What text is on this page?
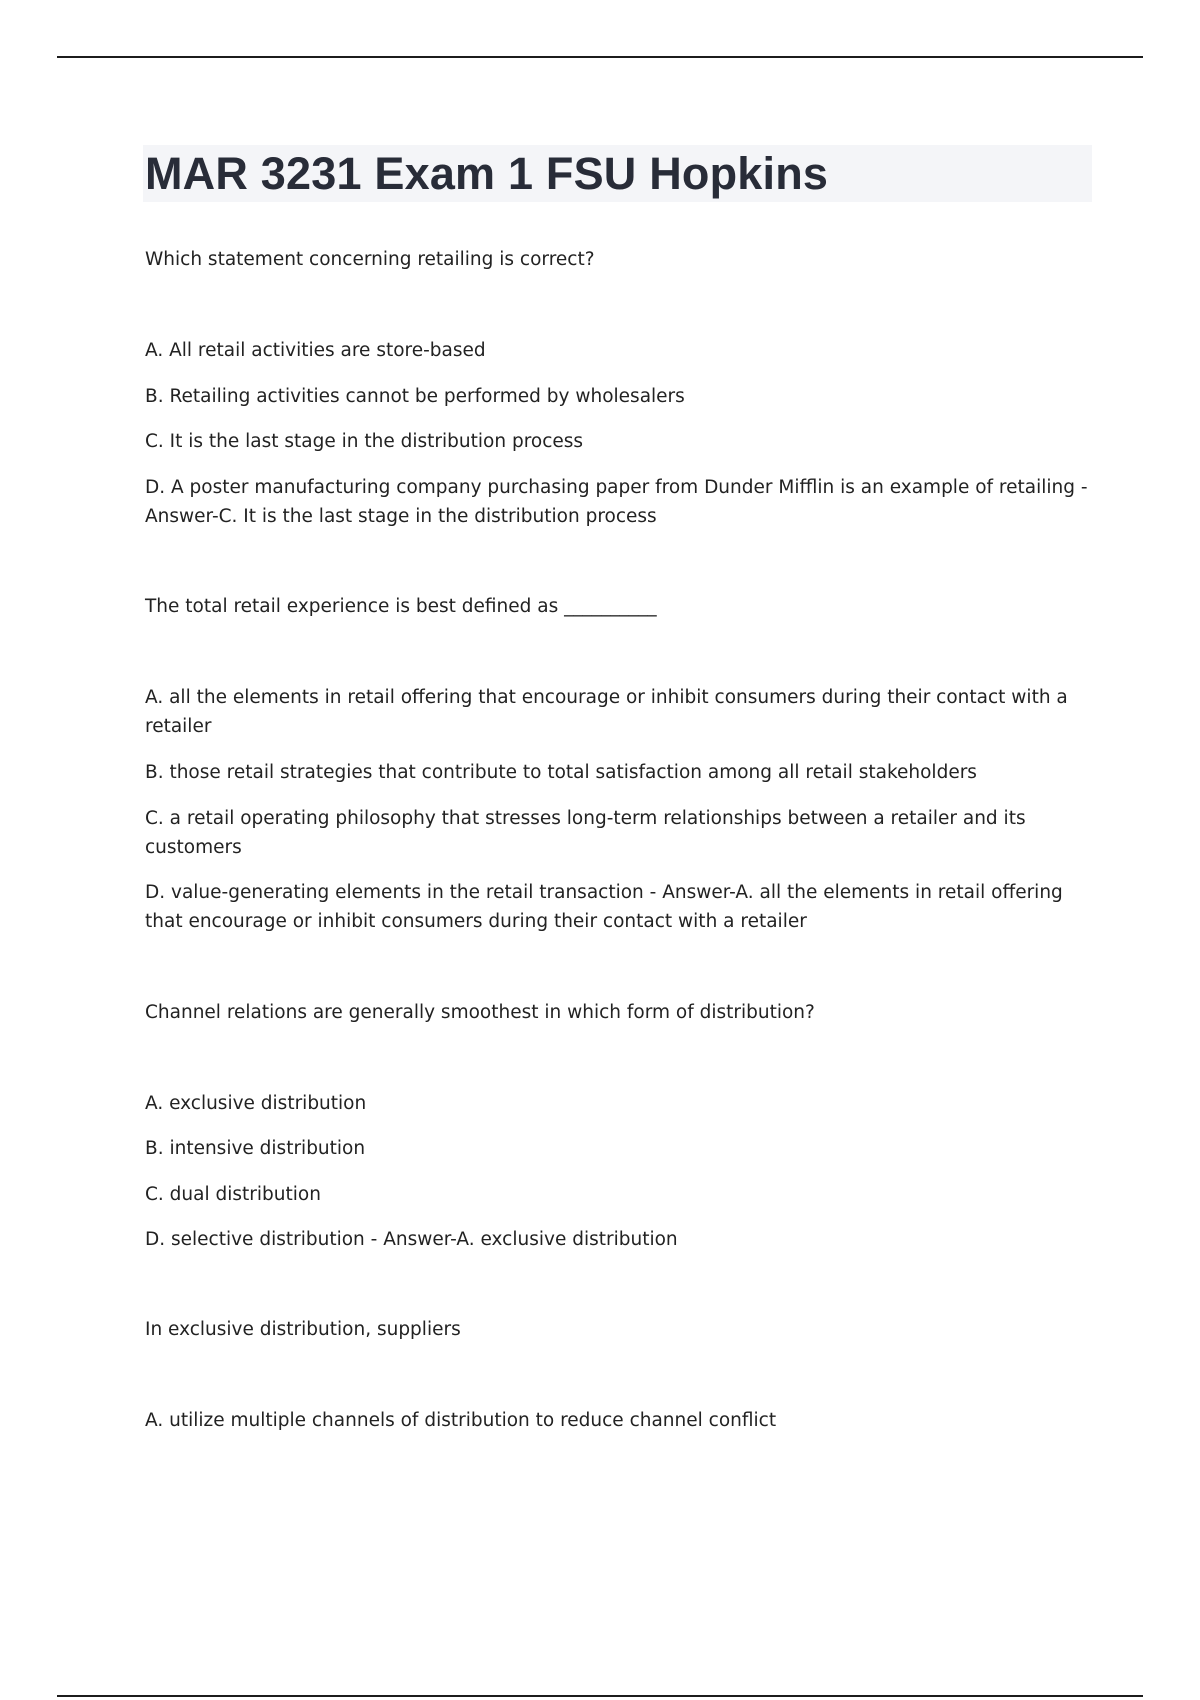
MAR 3231 Exam 1 FSU Hopkins

Which statement concerning retailing is correct?

A. All retail activities are store-based

B. Retailing activities cannot be performed by wholesalers

C. It is the last stage in the distribution process

D. A poster manufacturing company purchasing paper from Dunder Mifflin is an example of retailing - Answer-C. It is the last stage in the distribution process

The total retail experience is best defined as __________

A. all the elements in retail offering that encourage or inhibit consumers during their contact with a retailer

B. those retail strategies that contribute to total satisfaction among all retail stakeholders

C. a retail operating philosophy that stresses long-term relationships between a retailer and its customers

D. value-generating elements in the retail transaction - Answer-A. all the elements in retail offering that encourage or inhibit consumers during their contact with a retailer

Channel relations are generally smoothest in which form of distribution?

A. exclusive distribution

B. intensive distribution

C. dual distribution

D. selective distribution - Answer-A. exclusive distribution

In exclusive distribution, suppliers

A. utilize multiple channels of distribution to reduce channel conflict
